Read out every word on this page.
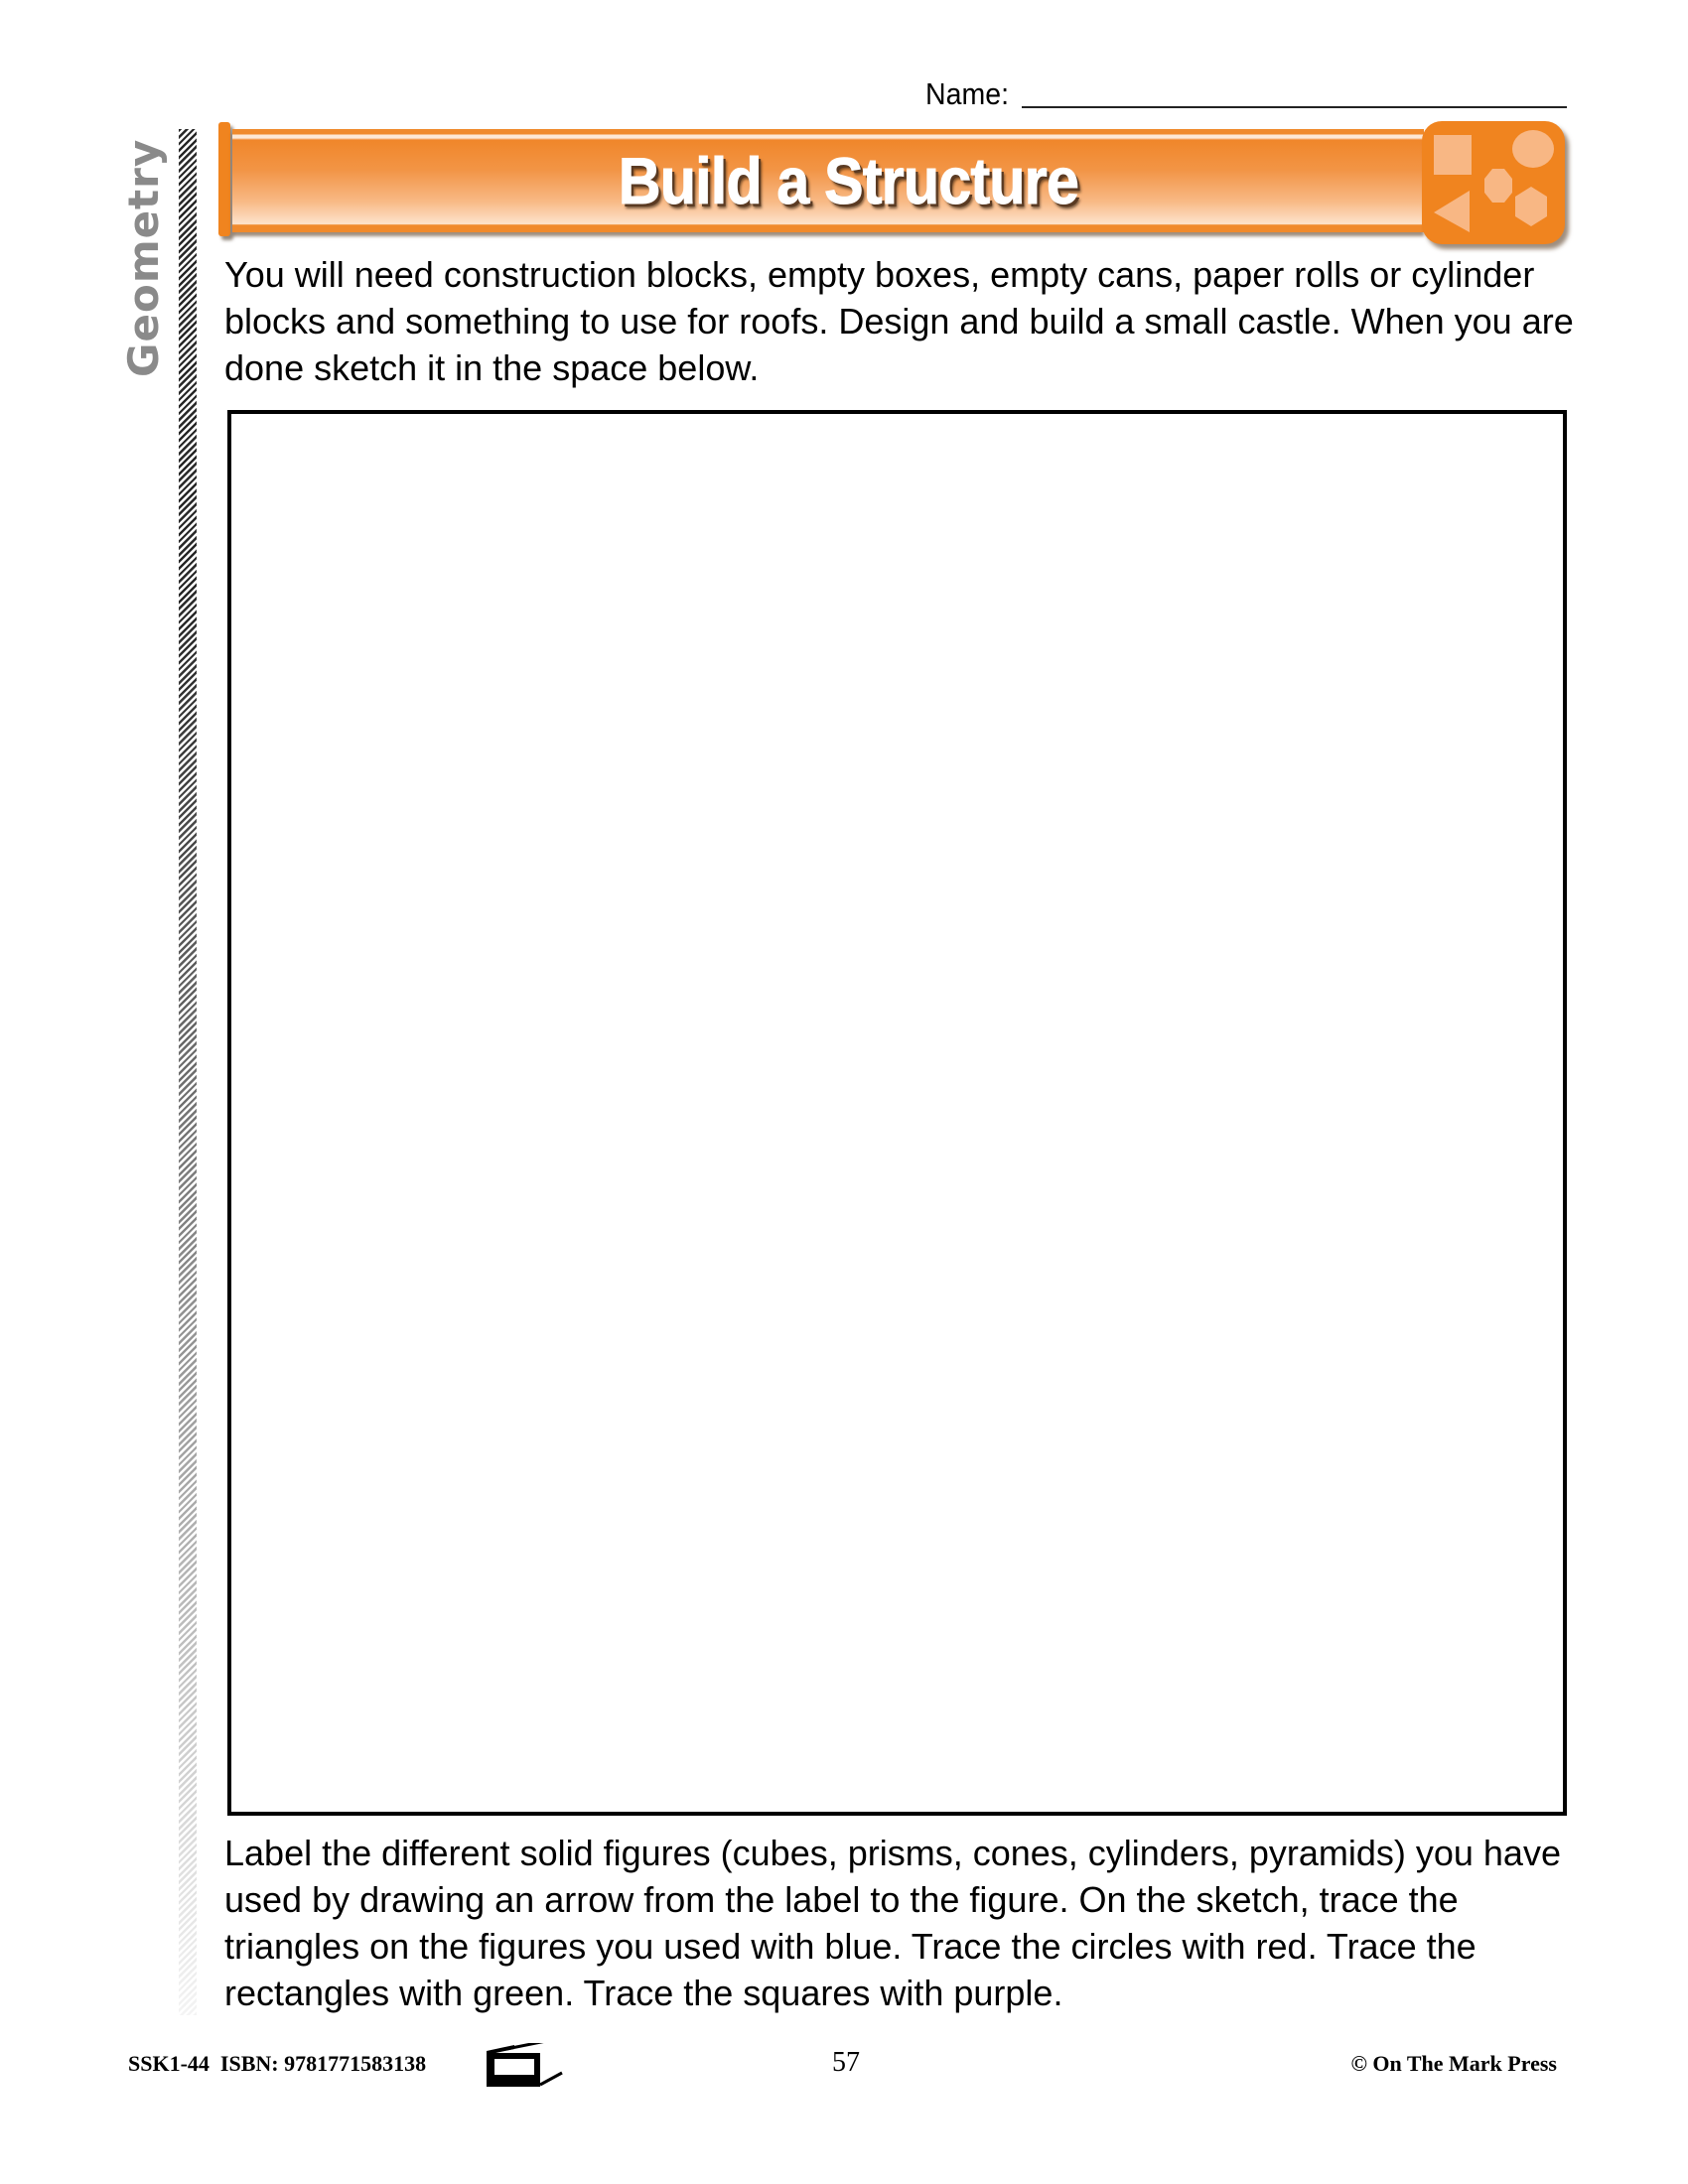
Name:
Geometry	Build a Structure

You will need construction blocks, empty boxes, empty cans, paper rolls or cylinder blocks and something to use for roofs. Design and build a small castle. When you are done sketch it in the space below.

Label the different solid figures (cubes, prisms, cones, cylinders, pyramids) you have used by drawing an arrow from the label to the figure. On the sketch, trace the triangles on the figures you used with blue. Trace the circles with red. Trace the rectangles with green. Trace the squares with purple.

SSK1-44  ISBN: 9781771583138	57	© On The Mark Press
